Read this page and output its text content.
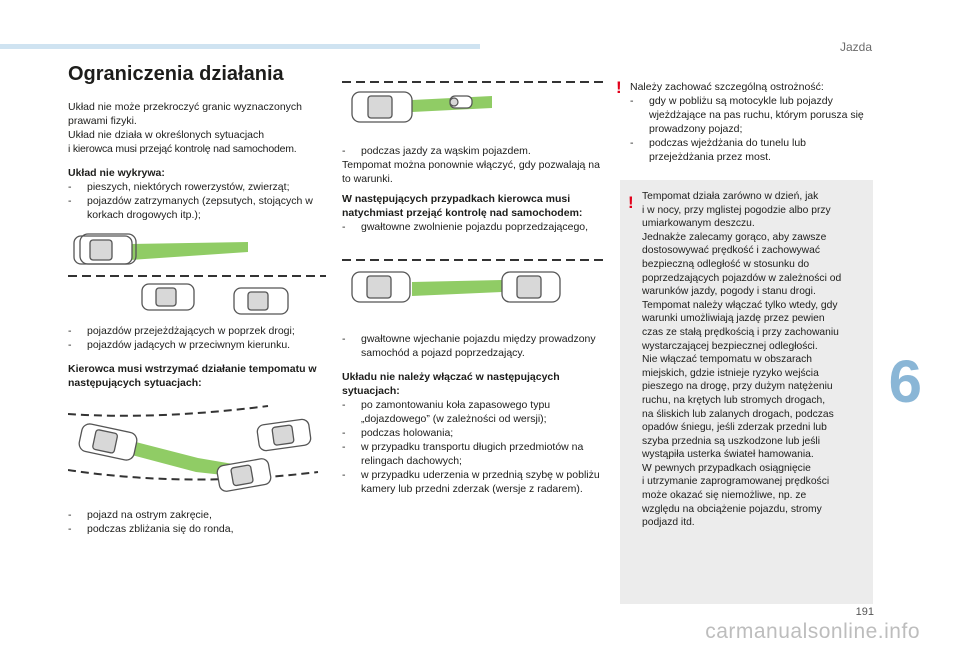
Jazda
6
191
carmanualsonline.info
Ograniczenia działania

Układ nie może przekroczyć granic wyznaczonych

prawami fizyki.

Układ nie działa w określonych sytuacjach

i kierowca musi przejąć kontrolę nad samochodem.

Układ nie wykrywa:

- pieszych, niektórych rowerzystów, zwierząt;
- pojazdów zatrzymanych (zepsutych, stojących w korkach drogowych itp.);
- pojazdów przejeżdżających w poprzek drogi;
- pojazdów jadących w przeciwnym kierunku.

Kierowca musi wstrzymać działanie tempomatu w następujących sytuacjach:

- pojazd na ostrym zakręcie,
- podczas zbliżania się do ronda,
- podczas jazdy za wąskim pojazdem.

Tempomat można ponownie włączyć, gdy pozwalają na to warunki.

W następujących przypadkach kierowca musi natychmiast przejąć kontrolę nad samochodem:

- gwałtowne zwolnienie pojazdu poprzedzającego,
- gwałtowne wjechanie pojazdu między prowadzony samochód a pojazd poprzedzający.

Układu nie należy włączać w następujących sytuacjach:

- po zamontowaniu koła zapasowego typu „dojazdowego” (w zależności od wersji);
- podczas holowania;
- w przypadku transportu długich przedmiotów na relingach dachowych;
- w przypadku uderzenia w przednią szybę w pobliżu kamery lub przedni zderzak (wersje z radarem).
! Należy zachować szczególną ostrożność:

- gdy w pobliżu są motocykle lub pojazdy wjeżdżające na pas ruchu, którym porusza się prowadzony pojazd;
- podczas wjeżdżania do tunelu lub przejeżdżania przez most.
! Tempomat działa zarówno w dzień, jak

i w nocy, przy mglistej pogodzie albo przy

umiarkowanym deszczu.

Jednakże zalecamy gorąco, aby zawsze

dostosowywać prędkość i zachowywać

bezpieczną odległość w stosunku do

poprzedzających pojazdów w zależności od

warunków jazdy, pogody i stanu drogi.

Tempomat należy włączać tylko wtedy, gdy

warunki umożliwiają jazdę przez pewien

czas ze stałą prędkością i przy zachowaniu

wystarczającej bezpiecznej odległości.

Nie włączać tempomatu w obszarach

miejskich, gdzie istnieje ryzyko wejścia

pieszego na drogę, przy dużym natężeniu

ruchu, na krętych lub stromych drogach,

na śliskich lub zalanych drogach, podczas

opadów śniegu, jeśli zderzak przedni lub

szyba przednia są uszkodzone lub jeśli

wystąpiła usterka świateł hamowania.

W pewnych przypadkach osiągnięcie

i utrzymanie zaprogramowanej prędkości

może okazać się niemożliwe, np. ze

względu na obciążenie pojazdu, stromy

podjazd itd.
